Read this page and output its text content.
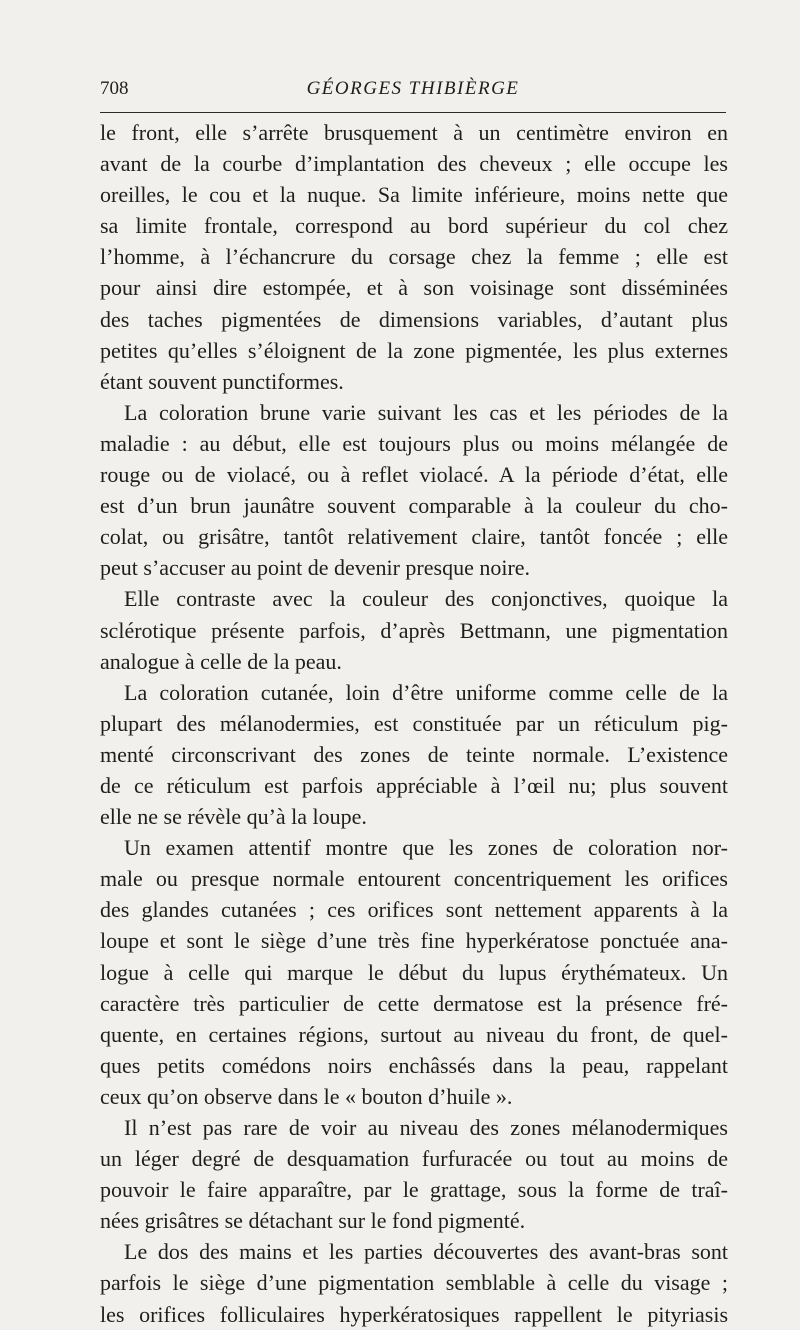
708	GÉORGES THIBIÈRGE
le front, elle s’arrête brusquement à un centimètre environ en
avant de la courbe d’implantation des cheveux ; elle occupe les
oreilles, le cou et la nuque. Sa limite inférieure, moins nette que
sa limite frontale, correspond au bord supérieur du col chez
l’homme, à l’échancrure du corsage chez la femme ; elle est
pour ainsi dire estompée, et à son voisinage sont disséminées
des taches pigmentées de dimensions variables, d’autant plus
petites qu’elles s’éloignent de la zone pigmentée, les plus externes
étant souvent punctiformes.
La coloration brune varie suivant les cas et les périodes de la
maladie : au début, elle est toujours plus ou moins mélangée de
rouge ou de violacé, ou à reflet violacé. A la période d’état, elle
est d’un brun jaunâtre souvent comparable à la couleur du cho-
colat, ou grisâtre, tantôt relativement claire, tantôt foncée ; elle
peut s’accuser au point de devenir presque noire.
Elle contraste avec la couleur des conjonctives, quoique la
sclérotique présente parfois, d’après Bettmann, une pigmentation
analogue à celle de la peau.
La coloration cutanée, loin d’être uniforme comme celle de la
plupart des mélanodermies, est constituée par un réticulum pig-
menté circonscrivant des zones de teinte normale. L’existence
de ce réticulum est parfois appréciable à l’œil nu; plus souvent
elle ne se révèle qu’à la loupe.
Un examen attentif montre que les zones de coloration nor-
male ou presque normale entourent concentriquement les orifices
des glandes cutanées ; ces orifices sont nettement apparents à la
loupe et sont le siège d’une très fine hyperkératose ponctuée ana-
logue à celle qui marque le début du lupus érythémateux. Un
caractère très particulier de cette dermatose est la présence fré-
quente, en certaines régions, surtout au niveau du front, de quel-
ques petits comédons noirs enchâssés dans la peau, rappelant
ceux qu’on observe dans le « bouton d’huile ».
Il n’est pas rare de voir au niveau des zones mélanodermiques
un léger degré de desquamation furfuracée ou tout au moins de
pouvoir le faire apparaître, par le grattage, sous la forme de traî-
nées grisâtres se détachant sur le fond pigmenté.
Le dos des mains et les parties découvertes des avant-bras sont
parfois le siège d’une pigmentation semblable à celle du visage ;
les orifices folliculaires hyperkératosiques rappellent le pityriasis
